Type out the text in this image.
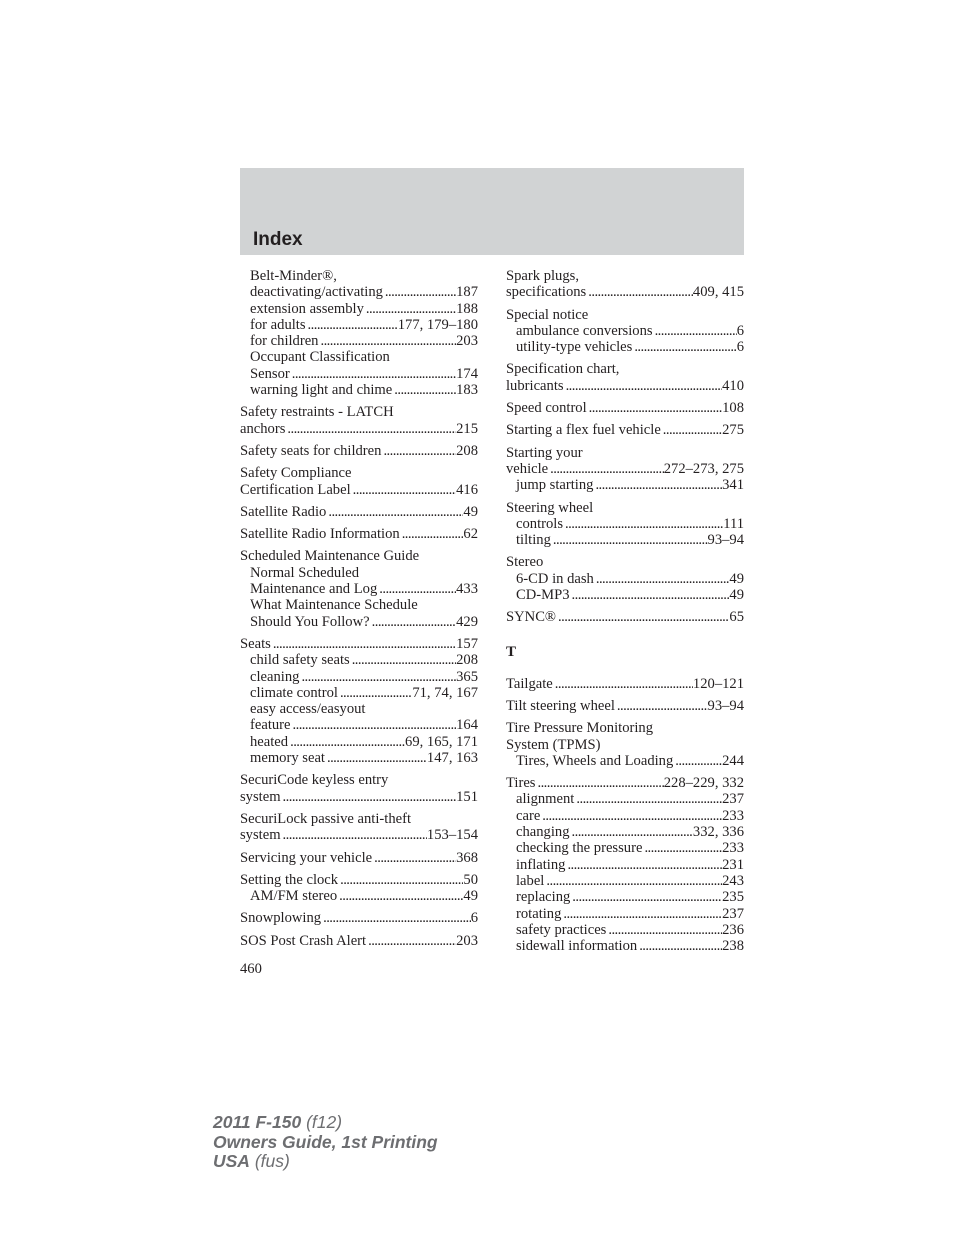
Index
Belt-Minder®,
deactivating/activating . . .	187
extension assembly . . .	188
for adults . . .	177, 179–180
for children . . .	203
Occupant Classification
Sensor . . .	174
warning light and chime . . .	183
Safety restraints - LATCH
anchors . . .	215
Safety seats for children . . .	208
Safety Compliance
Certification Label . . .	416
Satellite Radio . . .	49
Satellite Radio Information . . .	62
Scheduled Maintenance Guide
Normal Scheduled
Maintenance and Log . . .	433
What Maintenance Schedule
Should You Follow? . . .	429
Seats . . .	157
child safety seats . . .	208
cleaning . . .	365
climate control . . .	71, 74, 167
easy access/easyout
feature . . .	164
heated . . .	69, 165, 171
memory seat . . .	147, 163
SecuriCode keyless entry
system . . .	151
SecuriLock passive anti-theft
system . . .	153–154
Servicing your vehicle . . .	368
Setting the clock . . .	50
AM/FM stereo . . .	49
Snowplowing . . .	6
SOS Post Crash Alert . . .	203
Spark plugs,
specifications . . .	409, 415
Special notice
ambulance conversions . . .	6
utility-type vehicles . . .	6
Specification chart,
lubricants . . .	410
Speed control . . .	108
Starting a flex fuel vehicle . . .	275
Starting your
vehicle . . .	272–273, 275
jump starting . . .	341
Steering wheel
controls . . .	111
tilting . . .	93–94
Stereo
6-CD in dash . . .	49
CD-MP3 . . .	49
SYNC® . . .	65
T
Tailgate . . .	120–121
Tilt steering wheel . . .	93–94
Tire Pressure Monitoring
System (TPMS)
Tires, Wheels and Loading . . .	244
Tires . . .	228–229, 332
alignment . . .	237
care . . .	233
changing . . .	332, 336
checking the pressure . . .	233
inflating . . .	231
label . . .	243
replacing . . .	235
rotating . . .	237
safety practices . . .	236
sidewall information . . .	238
460
2011 F-150 (f12)
Owners Guide, 1st Printing
USA (fus)
